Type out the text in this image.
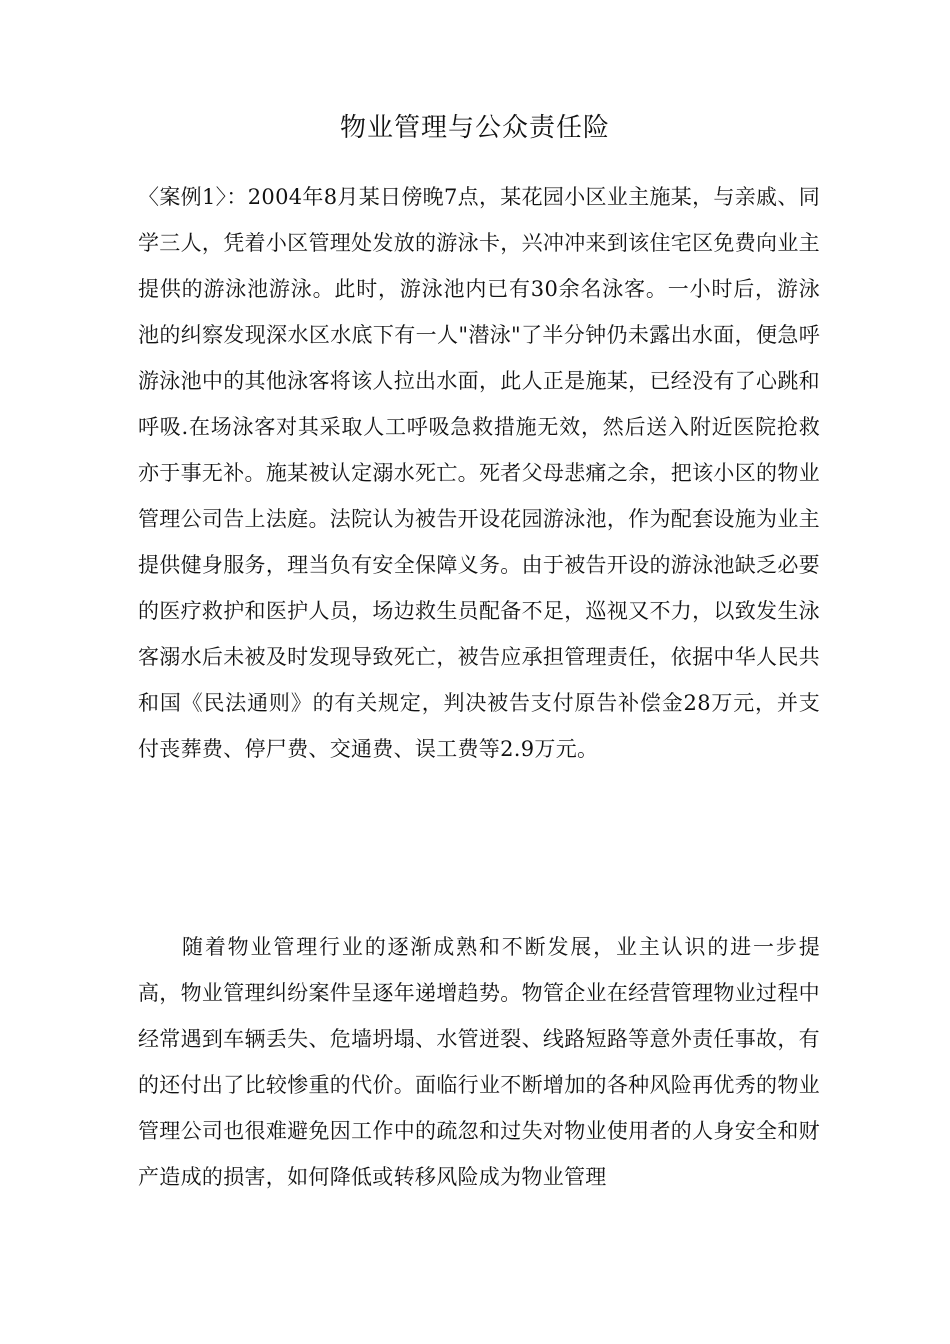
物业管理与公众责任险

〈案例1〉：2004年8月某日傍晚7点，某花园小区业主施某，与亲戚、同学三人，凭着小区管理处发放的游泳卡，兴冲冲来到该住宅区免费向业主提供的游泳池游泳。此时，游泳池内已有30余名泳客。一小时后，游泳池的纠察发现深水区水底下有一人"潜泳"了半分钟仍未露出水面，便急呼游泳池中的其他泳客将该人拉出水面，此人正是施某，已经没有了心跳和呼吸.在场泳客对其采取人工呼吸急救措施无效，然后送入附近医院抢救亦于事无补。施某被认定溺水死亡。死者父母悲痛之余，把该小区的物业管理公司告上法庭。法院认为被告开设花园游泳池，作为配套设施为业主提供健身服务，理当负有安全保障义务。由于被告开设的游泳池缺乏必要的医疗救护和医护人员，场边救生员配备不足，巡视又不力，以致发生泳客溺水后未被及时发现导致死亡，被告应承担管理责任，依据中华人民共和国《民法通则》的有关规定，判决被告支付原告补偿金28万元，并支付丧葬费、停尸费、交通费、误工费等2.9万元。

随着物业管理行业的逐渐成熟和不断发展，业主认识的进一步提高，物业管理纠纷案件呈逐年递增趋势。物管企业在经营管理物业过程中经常遇到车辆丢失、危墙坍塌、水管迸裂、线路短路等意外责任事故，有的还付出了比较惨重的代价。面临行业不断增加的各种风险再优秀的物业管理公司也很难避免因工作中的疏忽和过失对物业使用者的人身安全和财产造成的损害，如何降低或转移风险成为物业管理
